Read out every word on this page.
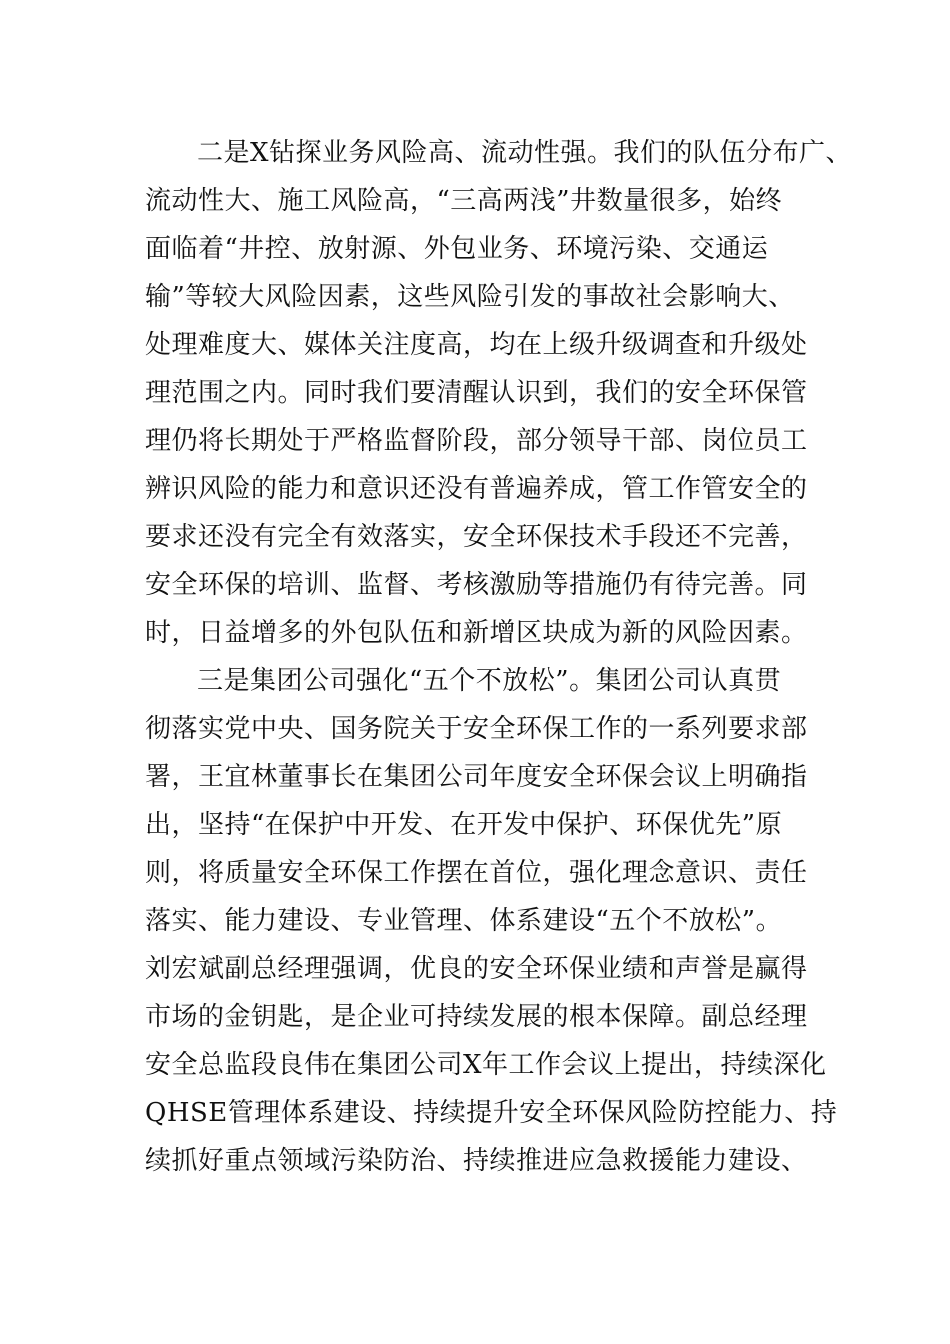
二是X钻探业务风险高、流动性强。我们的队伍分布广、
流动性大、施工风险高，“三高两浅”井数量很多，始终
面临着“井控、放射源、外包业务、环境污染、交通运
输”等较大风险因素，这些风险引发的事故社会影响大、
处理难度大、媒体关注度高，均在上级升级调查和升级处
理范围之内。同时我们要清醒认识到，我们的安全环保管
理仍将长期处于严格监督阶段，部分领导干部、岗位员工
辨识风险的能力和意识还没有普遍养成，管工作管安全的
要求还没有完全有效落实，安全环保技术手段还不完善，
安全环保的培训、监督、考核激励等措施仍有待完善。同
时，日益增多的外包队伍和新增区块成为新的风险因素。
三是集团公司强化“五个不放松”。集团公司认真贯
彻落实党中央、国务院关于安全环保工作的一系列要求部
署，王宜林董事长在集团公司年度安全环保会议上明确指
出，坚持“在保护中开发、在开发中保护、环保优先”原
则，将质量安全环保工作摆在首位，强化理念意识、责任
落实、能力建设、专业管理、体系建设“五个不放松”。
刘宏斌副总经理强调，优良的安全环保业绩和声誉是赢得
市场的金钥匙，是企业可持续发展的根本保障。副总经理
安全总监段良伟在集团公司X年工作会议上提出，持续深化
QHSE管理体系建设、持续提升安全环保风险防控能力、持
续抓好重点领域污染防治、持续推进应急救援能力建设、
